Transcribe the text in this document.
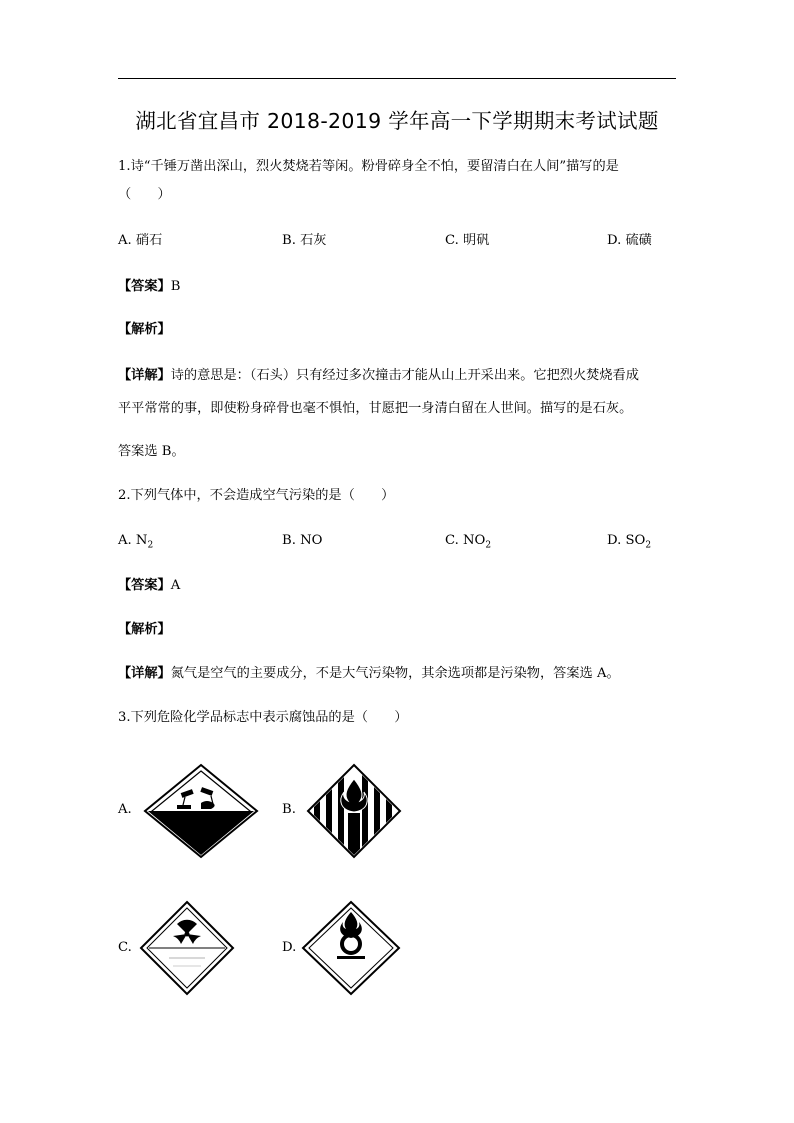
湖北省宜昌市 2018-2019 学年高一下学期期末考试试题
1.诗“千锤万凿出深山，烈火焚烧若等闲。粉骨碎身全不怕，要留清白在人间”描写的是
（　　）
A. 硝石	B. 石灰	C. 明矾	D. 硫磺
【答案】B
【解析】
【详解】诗的意思是：（石头）只有经过多次撞击才能从山上开采出来。它把烈火焚烧看成
平平常常的事，即使粉身碎骨也毫不惧怕，甘愿把一身清白留在人世间。描写的是石灰。
答案选 B。
2.下列气体中，不会造成空气污染的是（　　）
A. $N_2$	B. NO	C. $NO_2$	D. $SO_2$
【答案】A
【解析】
【详解】氮气是空气的主要成分，不是大气污染物，其余选项都是污染物，答案选 A。
3.下列危险化学品标志中表示腐蚀品的是（　　）
A.	B.
C.	D.
